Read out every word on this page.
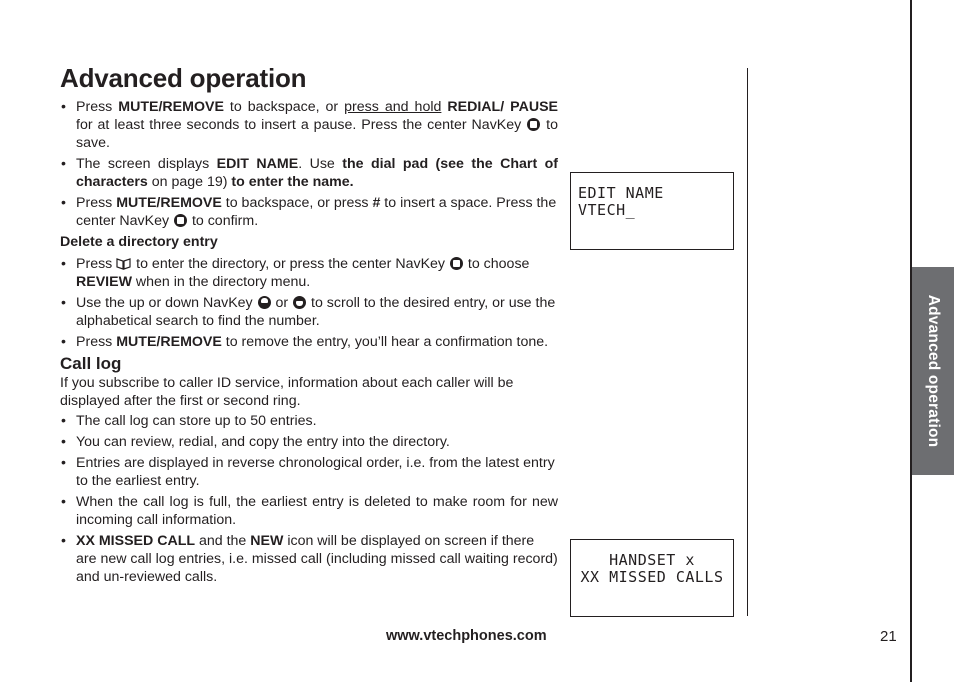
Advanced operation
• Press MUTE/REMOVE to backspace, or press and hold REDIAL/ PAUSE for at least three seconds to insert a pause. Press the center NavKey  to save.
• The screen displays EDIT NAME. Use the dial pad (see the Chart of characters on page 19) to enter the name.
• Press MUTE/REMOVE to backspace, or press # to insert a space. Press the center NavKey  to confirm.
Delete a directory entry
• Press  to enter the directory, or press the center NavKey  to choose REVIEW when in the directory menu.
• Use the up or down NavKey  or  to scroll to the desired entry, or use the alphabetical search to find the number.
• Press MUTE/REMOVE to remove the entry, you’ll hear a confirmation tone.
Call log
If you subscribe to caller ID service, information about each caller will be displayed after the first or second ring.
• The call log can store up to 50 entries.
• You can review, redial, and copy the entry into the directory.
• Entries are displayed in reverse chronological order, i.e. from the latest entry to the earliest entry.
• When the call log is full, the earliest entry is deleted to make room for new incoming call information.
• XX MISSED CALL and the NEW icon will be displayed on screen if there are new call log entries, i.e. missed call (including missed call waiting record) and un-reviewed calls.
EDIT NAME
VTECH_
HANDSET x
XX MISSED CALLS
Advanced operation
www.vtechphones.com	21
